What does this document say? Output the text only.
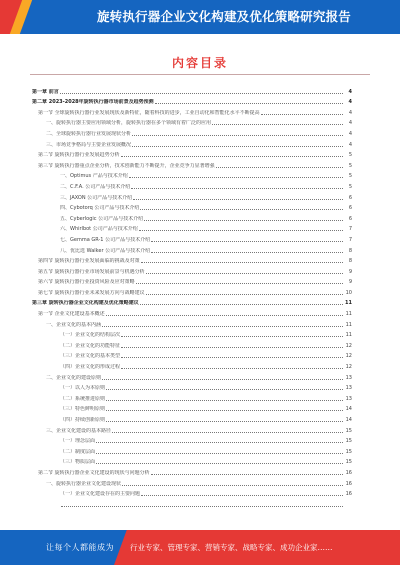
旋转执行器企业文化构建及优化策略研究报告
内容目录
第一章 前言	4
第二章 2023-2028年旋转执行器市场前景及趋势预测	4
第一节 全球旋转执行器行业发展现状及新特征，随着科技的进步，工业自动化和智能化水平不断提高	4
一、旋转执行器主要应用领域分析，旋转执行器在多个领域有着广泛的应用	4
二、全球旋转执行器行业发展现状分析	4
三、市场竞争格局与主要企业发展概况	4
第二节 旋转执行器行业发展趋势分析	5
第三节 旋转执行器重点企业分析，技术创新能力不断提升，企业竞争力显著增强	5
一、Optimus 产品与技术介绍	5
二、C.F.A. 公司产品与技术介绍	5
三、JAXON 公司产品与技术介绍	6
四、Cybotorq 公司产品与技术介绍	6
五、Cyberlogic 公司产品与技术介绍	6
六、Whirlbot 公司产品与技术介绍	7
七、Gemma GR-1 公司产品与技术介绍	7
八、优比选 Walker 公司产品与技术介绍	8
第四节 旋转执行器行业发展面临的挑战及对策	8
第五节 旋转执行器行业市场发展前景与机遇分析	9
第六节 旋转执行器行业投资风险及应对策略	9
第七节 旋转执行器行业未来发展方向与战略建议	10
第三章 旋转执行器企业文化构建及优化策略建议	11
第一节 企业文化建设基本概述	11
一、企业文化的基本内涵	11
（一）企业文化的结构层次	11
（二）企业文化的功能特征	12
（三）企业文化的基本类型	12
（四）企业文化的形成过程	12
二、企业文化的建设原则	13
（一）以人为本原则	13
（二）系统推进原则	13
（三）特色鲜明原则	14
（四）持续创新原则	14
三、企业文化建设的基本路径	15
（一）理念层面	15
（二）制度层面	15
（三）物质层面	15
第二节 旋转执行器企业文化建设的现状与问题分析	16
一、旋转执行器企业文化建设现状	16
（一）企业文化建设存在的主要问题	16
让每个人都能成为 行业专家、管理专家、营销专家、战略专家、成功企业家……
